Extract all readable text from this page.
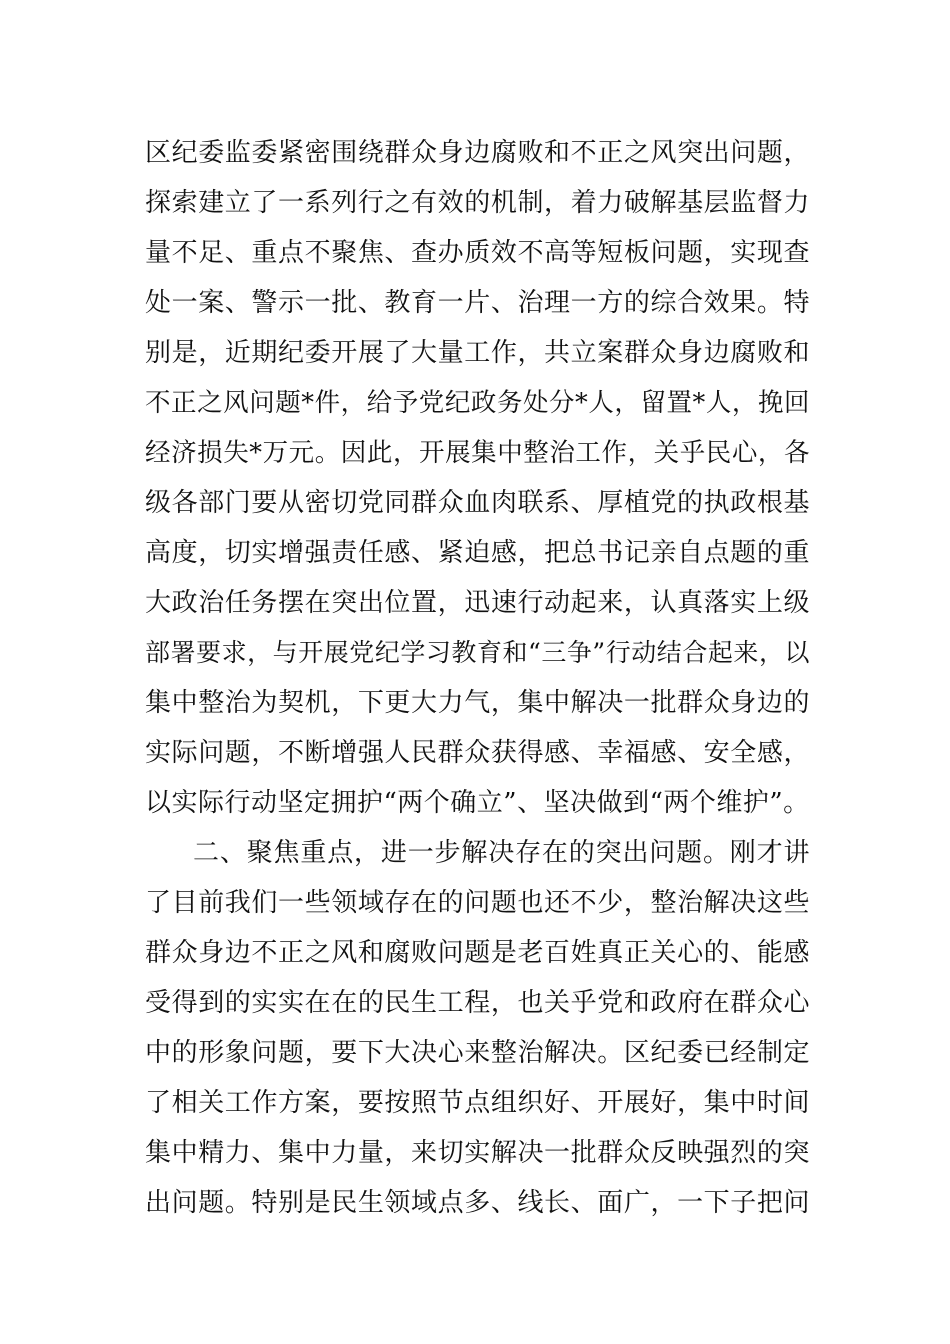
区纪委监委紧密围绕群众身边腐败和不正之风突出问题，
探索建立了一系列行之有效的机制，着力破解基层监督力
量不足、重点不聚焦、查办质效不高等短板问题，实现查
处一案、警示一批、教育一片、治理一方的综合效果。特
别是，近期纪委开展了大量工作，共立案群众身边腐败和
不正之风问题*件，给予党纪政务处分*人，留置*人，挽回
经济损失*万元。因此，开展集中整治工作，关乎民心，各
级各部门要从密切党同群众血肉联系、厚植党的执政根基
高度，切实增强责任感、紧迫感，把总书记亲自点题的重
大政治任务摆在突出位置，迅速行动起来，认真落实上级
部署要求，与开展党纪学习教育和“三争”行动结合起来，以
集中整治为契机，下更大力气，集中解决一批群众身边的
实际问题，不断增强人民群众获得感、幸福感、安全感，
以实际行动坚定拥护“两个确立”、坚决做到“两个维护”。
二、聚焦重点，进一步解决存在的突出问题。刚才讲
了目前我们一些领域存在的问题也还不少，整治解决这些
群众身边不正之风和腐败问题是老百姓真正关心的、能感
受得到的实实在在的民生工程，也关乎党和政府在群众心
中的形象问题，要下大决心来整治解决。区纪委已经制定
了相关工作方案，要按照节点组织好、开展好，集中时间
集中精力、集中力量，来切实解决一批群众反映强烈的突
出问题。特别是民生领域点多、线长、面广，一下子把问
